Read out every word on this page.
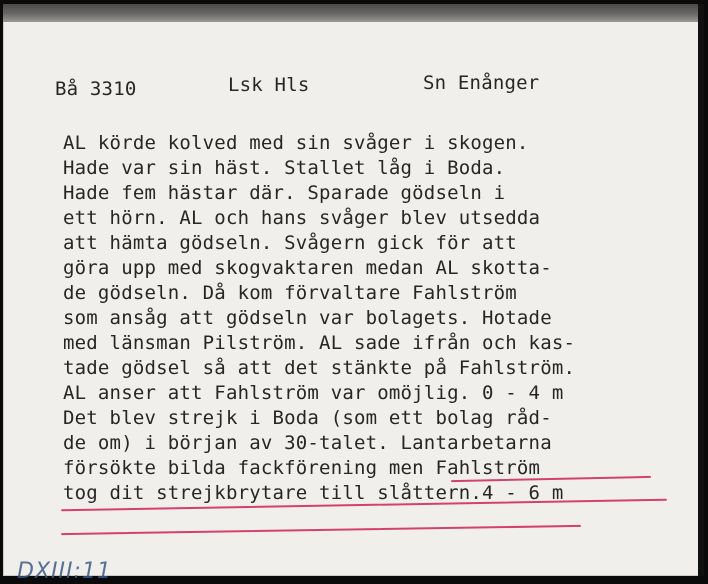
Bå 3310	Lsk Hls	Sn Enånger
AL körde kolved med sin svåger i skogen.
Hade var sin häst. Stallet låg i Boda.
Hade fem hästar där. Sparade gödseln i
ett hörn. AL och hans svåger blev utsedda
att hämta gödseln. Svågern gick för att
göra upp med skogvaktaren medan AL skotta-
de gödseln. Då kom förvaltare Fahlström
som ansåg att gödseln var bolagets. Hotade
med länsman Pilström. AL sade ifrån och kas-
tade gödsel så att det stänkte på Fahlström.
AL anser att Fahlström var omöjlig. 0 - 4 m
Det blev strejk i Boda (som ett bolag råd-
de om) i början av 30-talet. Lantarbetarna
försökte bilda fackförening men Fahlström
tog dit strejkbrytare till slåttern.4 - 6 m
DXIII:11
